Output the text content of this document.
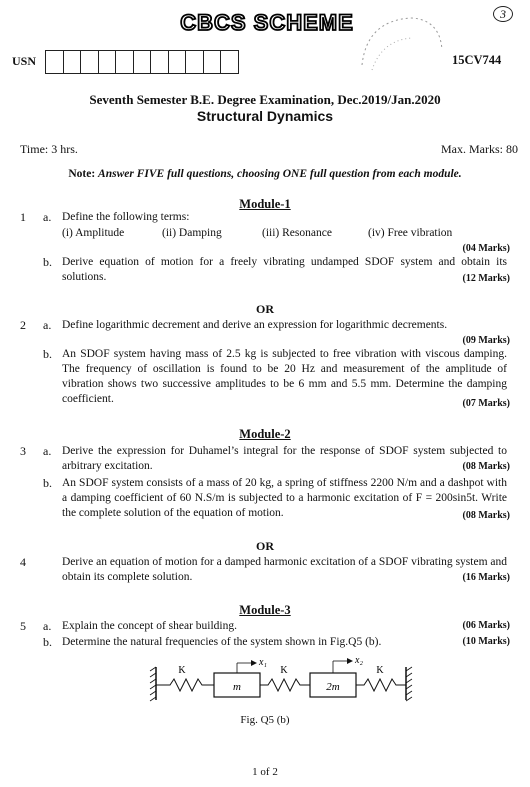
CBCS SCHEME	3
USN	15CV744
Seventh Semester B.E. Degree Examination, Dec.2019/Jan.2020
Structural Dynamics
Time: 3 hrs.	Max. Marks: 80
Note: Answer FIVE full questions, choosing ONE full question from each module.
Module-1
1 a. Define the following terms:
(i) Amplitude	(ii) Damping	(iii) Resonance	(iv) Free vibration
(04 Marks)
b. Derive equation of motion for a freely vibrating undamped SDOF system and obtain its solutions.	(12 Marks)
OR
2 a. Define logarithmic decrement and derive an expression for logarithmic decrements.
(09 Marks)
b. An SDOF system having mass of 2.5 kg is subjected to free vibration with viscous damping. The frequency of oscillation is found to be 20 Hz and measurement of the amplitude of vibration shows two successive amplitudes to be 6 mm and 5.5 mm. Determine the damping coefficient.	(07 Marks)
Module-2
3 a. Derive the expression for Duhamel’s integral for the response of SDOF system subjected to arbitrary excitation.	(08 Marks)
b. An SDOF system consists of a mass of 20 kg, a spring of stiffness 2200 N/m and a dashpot with a damping coefficient of 60 N.S/m is subjected to a harmonic excitation of F = 200sin5t. Write the complete solution of the equation of motion.	(08 Marks)
OR
4	Derive an equation of motion for a damped harmonic excitation of a SDOF vibrating system and obtain its complete solution.	(16 Marks)
Module-3
5 a. Explain the concept of shear building.	(06 Marks)
b. Determine the natural frequencies of the system shown in Fig.Q5 (b).	(10 Marks)
K
m
x₁
K
2m
x₂
K
Fig. Q5 (b)
1 of 2
